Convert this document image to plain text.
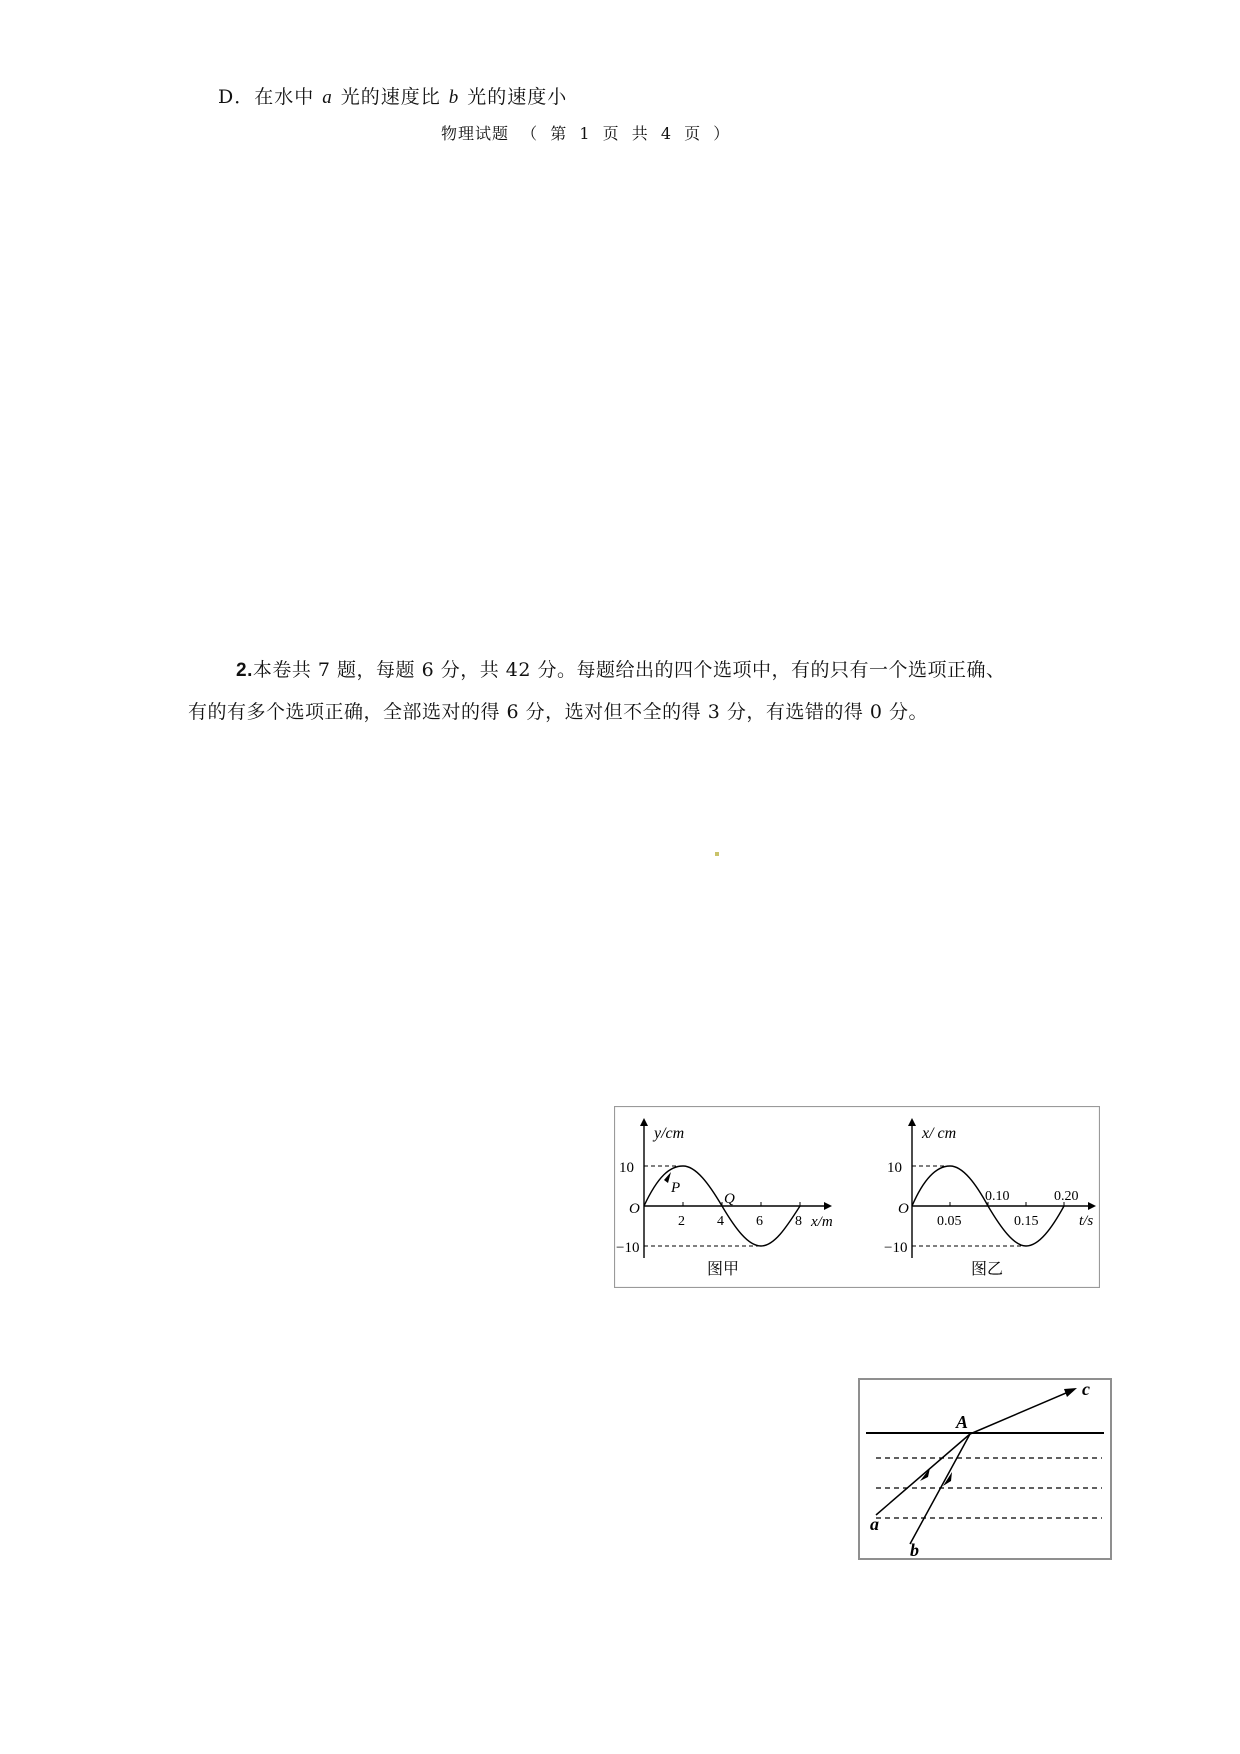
D．在水中 a 光的速度比 b 光的速度小
物理试题 （ 第 1 页 共 4 页 ）
2.本卷共 7 题，每题 6 分，共 42 分。每题给出的四个选项中，有的只有一个选项正确、
有的有多个选项正确，全部选对的得 6 分，选对但不全的得 3 分，有选错的得 0 分。
y/cm
10
−10
O
2 4 6 8 x/m
P
Q
图甲
x/ cm
10
−10
O
0.10	0.20
0.05	0.15	t/s
图乙
A
a
b
c
